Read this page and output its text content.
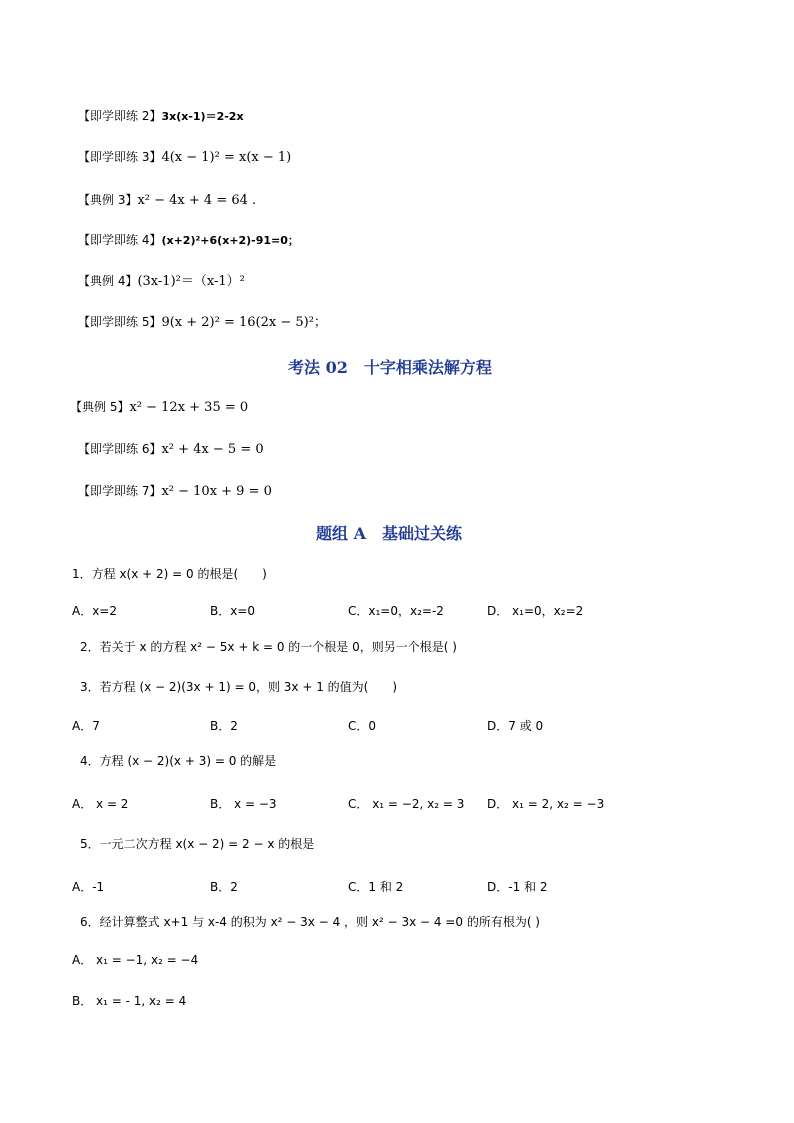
【即学即练 2】3x(x-1)＝2-2x
【即学即练 3】4(x − 1)² = x(x − 1)
【典例 3】x² − 4x + 4 = 64 .
【即学即练 4】(x+2)²+6(x+2)-91=0；
【典例 4】(3x-1)²＝（x-1）²
【即学即练 5】9(x + 2)² = 16(2x − 5)²；
考法 02　十字相乘法解方程
【典例 5】x² − 12x + 35 = 0
【即学即练 6】x² + 4x − 5 = 0
【即学即练 7】x² − 10x + 9 = 0
题组 A　基础过关练
1．方程 x(x + 2) = 0 的根是(　　)
A．x=2	B．x=0	C．x₁=0，x₂=-2	D． x₁=0，x₂=2
2．若关于 x 的方程 x² − 5x + k = 0 的一个根是 0，则另一个根是( )
3．若方程 (x − 2)(3x + 1) = 0，则 3x + 1 的值为(　　)
A．7	B．2	C．0	D．7 或 0
4．方程 (x − 2)(x + 3) = 0 的解是
A． x = 2	B． x = −3	C． x₁ = −2, x₂ = 3 D． x₁ = 2, x₂ = −3
5．一元二次方程 x(x − 2) = 2 − x 的根是
A．-1	B．2	C．1 和 2	D．-1 和 2
6．经计算整式 x+1 与 x-4 的积为 x² − 3x − 4 ，则 x² − 3x − 4 =0 的所有根为( )
A． x₁ = −1, x₂ = −4
B． x₁ = - 1, x₂ = 4
